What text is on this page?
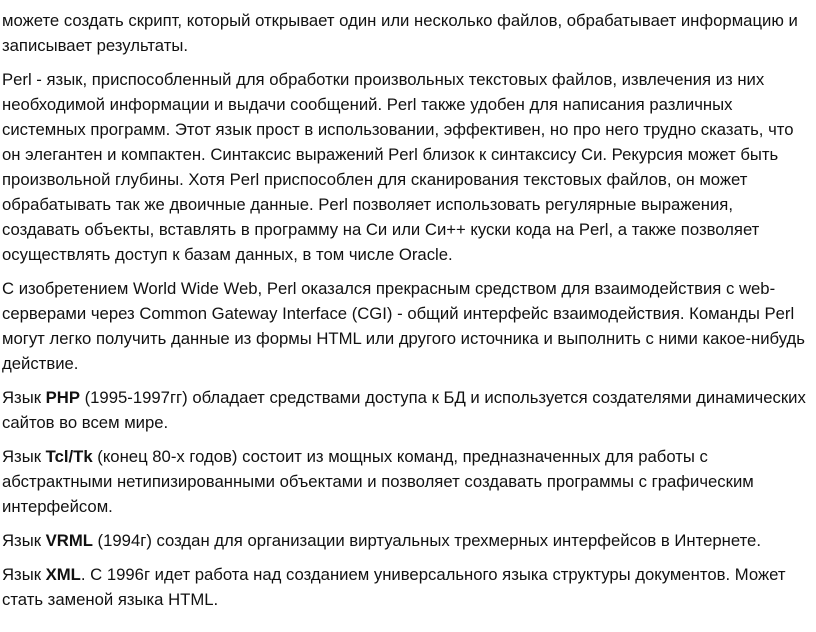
можете создать скрипт, который открывает один или несколько файлов, обрабатывает информацию и записывает результаты.

Perl - язык, приспособленный для обработки произвольных текстовых файлов, извлечения из них необходимой информации и выдачи сообщений. Perl также удобен для написания различных системных программ. Этот язык прост в использовании, эффективен, но про него трудно сказать, что он элегантен и компактен. Синтаксис выражений Perl близок к синтаксису Си. Рекурсия может быть произвольной глубины. Хотя Perl приспособлен для сканирования текстовых файлов, он может обрабатывать так же двоичные данные. Perl позволяет использовать регулярные выражения, создавать объекты, вставлять в программу на Си или Си++ куски кода на Perl, а также позволяет осуществлять доступ к базам данных, в том числе Oracle.

С изобретением World Wide Web, Perl оказался прекрасным средством для взаимодействия с web-серверами через Common Gateway Interface (CGI) - общий интерфейс взаимодействия. Команды Perl могут легко получить данные из формы HTML или другого источника и выполнить с ними какое-нибудь действие.

Язык PHP (1995-1997гг) обладает средствами доступа к БД и используется создателями динамических сайтов во всем мире.

Язык Tcl/Tk (конец 80-х годов) состоит из мощных команд, предназначенных для работы с абстрактными нетипизированными объектами и позволяет создавать программы с графическим интерфейсом.

Язык VRML (1994г) создан для организации виртуальных трехмерных интерфейсов в Интернете.

Язык XML. С 1996г идет работа над созданием универсального языка структуры документов. Может стать заменой языка HTML.
